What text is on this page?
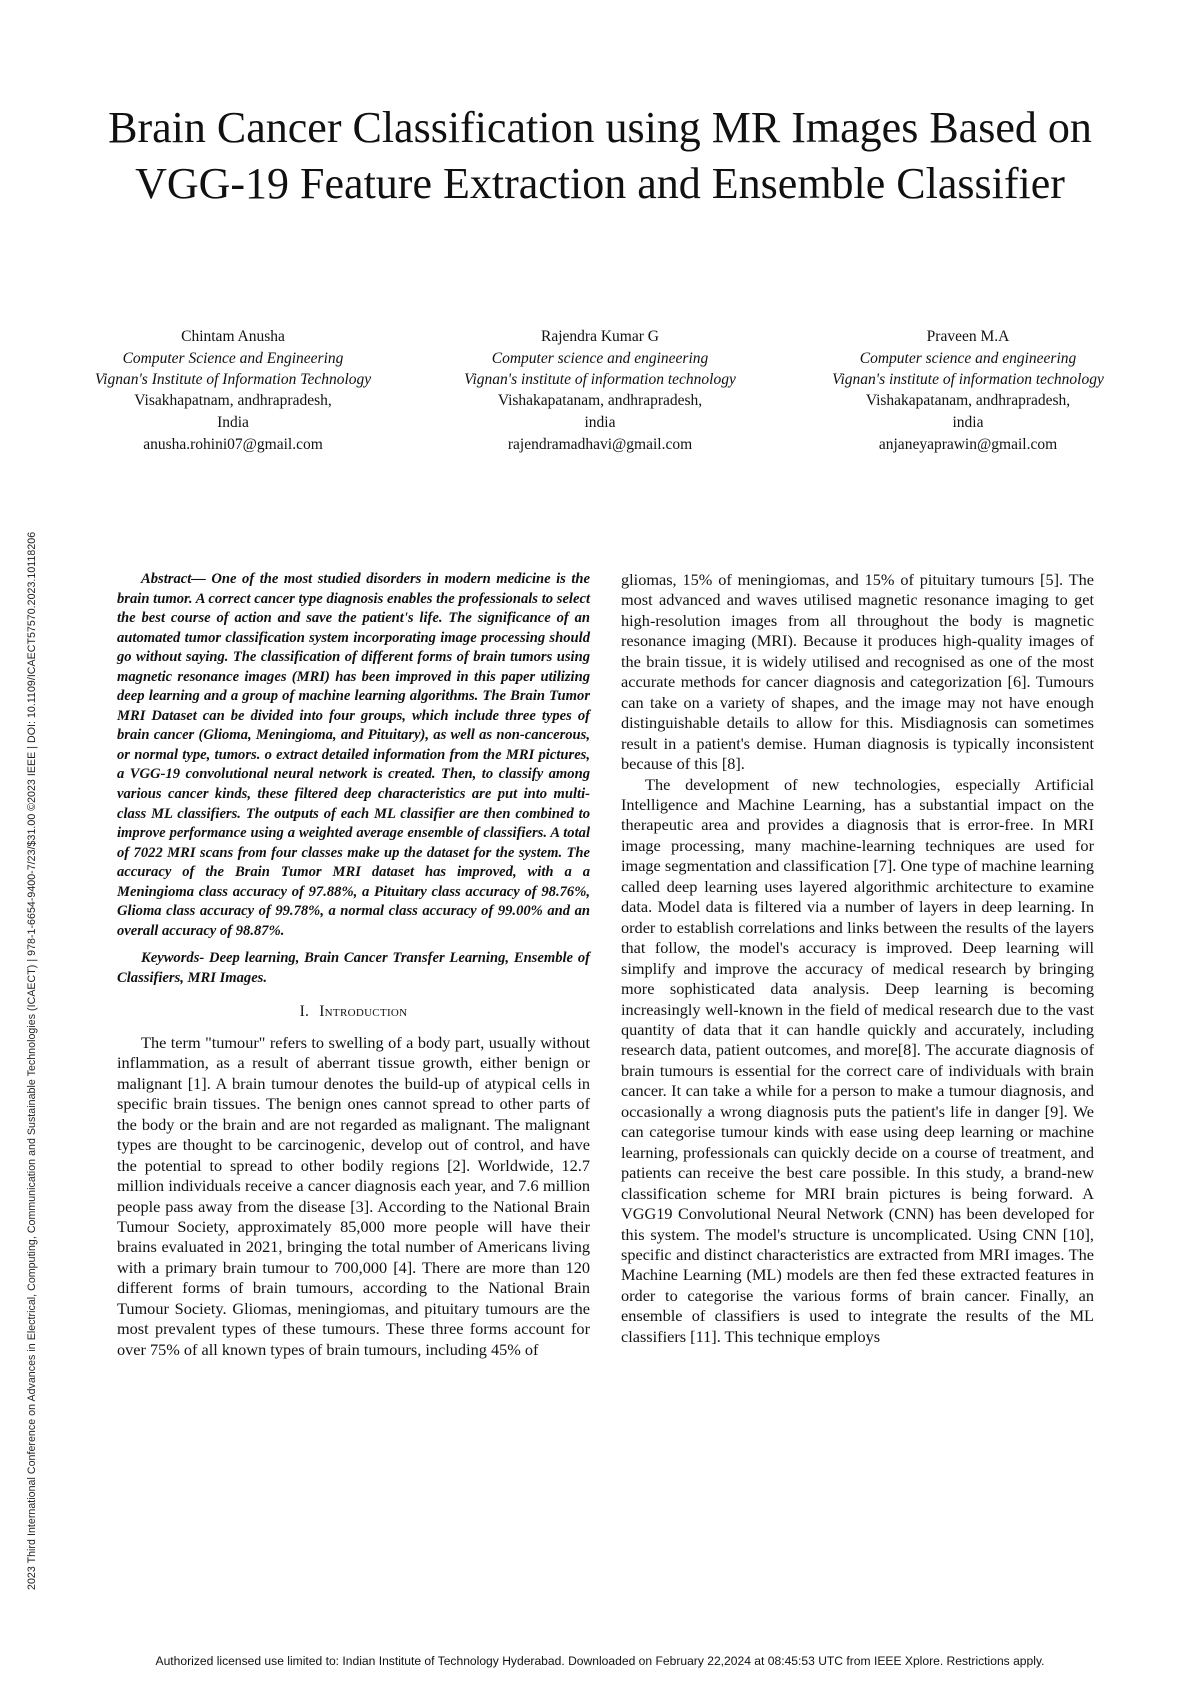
2023 Third International Conference on Advances in Electrical, Computing, Communication and Sustainable Technologies (ICAECT) | 978-1-6654-9400-7/23/$31.00 ©2023 IEEE | DOI: 10.1109/ICAECT57570.2023.10118206
Brain Cancer Classification using MR Images Based on VGG-19 Feature Extraction and Ensemble Classifier
Chintam Anusha
Computer Science and Engineering
Vignan's Institute of Information Technology
Visakhapatnam, andhrapradesh,
India
anusha.rohini07@gmail.com
Rajendra Kumar G
Computer science and engineering
Vignan's institute of information technology
Vishakapatanam, andhrapradesh,
india
rajendramadhavi@gmail.com
Praveen M.A
Computer science and engineering
Vignan's institute of information technology
Vishakapatanam, andhrapradesh,
india
anjaneyaprawin@gmail.com

Abstract— One of the most studied disorders in modern medicine is the brain tumor. A correct cancer type diagnosis enables the professionals to select the best course of action and save the patient's life. The significance of an automated tumor classification system incorporating image processing should go without saying. The classification of different forms of brain tumors using magnetic resonance images (MRI) has been improved in this paper utilizing deep learning and a group of machine learning algorithms. The Brain Tumor MRI Dataset can be divided into four groups, which include three types of brain cancer (Glioma, Meningioma, and Pituitary), as well as non-cancerous, or normal type, tumors. o extract detailed information from the MRI pictures, a VGG-19 convolutional neural network is created. Then, to classify among various cancer kinds, these filtered deep characteristics are put into multi-class ML classifiers. The outputs of each ML classifier are then combined to improve performance using a weighted average ensemble of classifiers. A total of 7022 MRI scans from four classes make up the dataset for the system. The accuracy of the Brain Tumor MRI dataset has improved, with a a Meningioma class accuracy of 97.88%, a Pituitary class accuracy of 98.76%, Glioma class accuracy of 99.78%, a normal class accuracy of 99.00% and an overall accuracy of 98.87%.

Keywords- Deep learning, Brain Cancer Transfer Learning, Ensemble of Classifiers, MRI Images.

I. Introduction

The term "tumour" refers to swelling of a body part, usually without inflammation, as a result of aberrant tissue growth, either benign or malignant [1]. A brain tumour denotes the build-up of atypical cells in specific brain tissues. The benign ones cannot spread to other parts of the body or the brain and are not regarded as malignant. The malignant types are thought to be carcinogenic, develop out of control, and have the potential to spread to other bodily regions [2]. Worldwide, 12.7 million individuals receive a cancer diagnosis each year, and 7.6 million people pass away from the disease [3]. According to the National Brain Tumour Society, approximately 85,000 more people will have their brains evaluated in 2021, bringing the total number of Americans living with a primary brain tumour to 700,000 [4]. There are more than 120 different forms of brain tumours, according to the National Brain Tumour Society. Gliomas, meningiomas, and pituitary tumours are the most prevalent types of these tumours. These three forms account for over 75% of all known types of brain tumours, including 45% of

gliomas, 15% of meningiomas, and 15% of pituitary tumours [5]. The most advanced and waves utilised magnetic resonance imaging to get high-resolution images from all throughout the body is magnetic resonance imaging (MRI). Because it produces high-quality images of the brain tissue, it is widely utilised and recognised as one of the most accurate methods for cancer diagnosis and categorization [6]. Tumours can take on a variety of shapes, and the image may not have enough distinguishable details to allow for this. Misdiagnosis can sometimes result in a patient's demise. Human diagnosis is typically inconsistent because of this [8].

The development of new technologies, especially Artificial Intelligence and Machine Learning, has a substantial impact on the therapeutic area and provides a diagnosis that is error-free. In MRI image processing, many machine-learning techniques are used for image segmentation and classification [7]. One type of machine learning called deep learning uses layered algorithmic architecture to examine data. Model data is filtered via a number of layers in deep learning. In order to establish correlations and links between the results of the layers that follow, the model's accuracy is improved. Deep learning will simplify and improve the accuracy of medical research by bringing more sophisticated data analysis. Deep learning is becoming increasingly well-known in the field of medical research due to the vast quantity of data that it can handle quickly and accurately, including research data, patient outcomes, and more[8]. The accurate diagnosis of brain tumours is essential for the correct care of individuals with brain cancer. It can take a while for a person to make a tumour diagnosis, and occasionally a wrong diagnosis puts the patient's life in danger [9]. We can categorise tumour kinds with ease using deep learning or machine learning, professionals can quickly decide on a course of treatment, and patients can receive the best care possible. In this study, a brand-new classification scheme for MRI brain pictures is being forward. A VGG19 Convolutional Neural Network (CNN) has been developed for this system. The model's structure is uncomplicated. Using CNN [10], specific and distinct characteristics are extracted from MRI images. The Machine Learning (ML) models are then fed these extracted features in order to categorise the various forms of brain cancer. Finally, an ensemble of classifiers is used to integrate the results of the ML classifiers [11]. This technique employs

Authorized licensed use limited to: Indian Institute of Technology Hyderabad. Downloaded on February 22,2024 at 08:45:53 UTC from IEEE Xplore. Restrictions apply.
